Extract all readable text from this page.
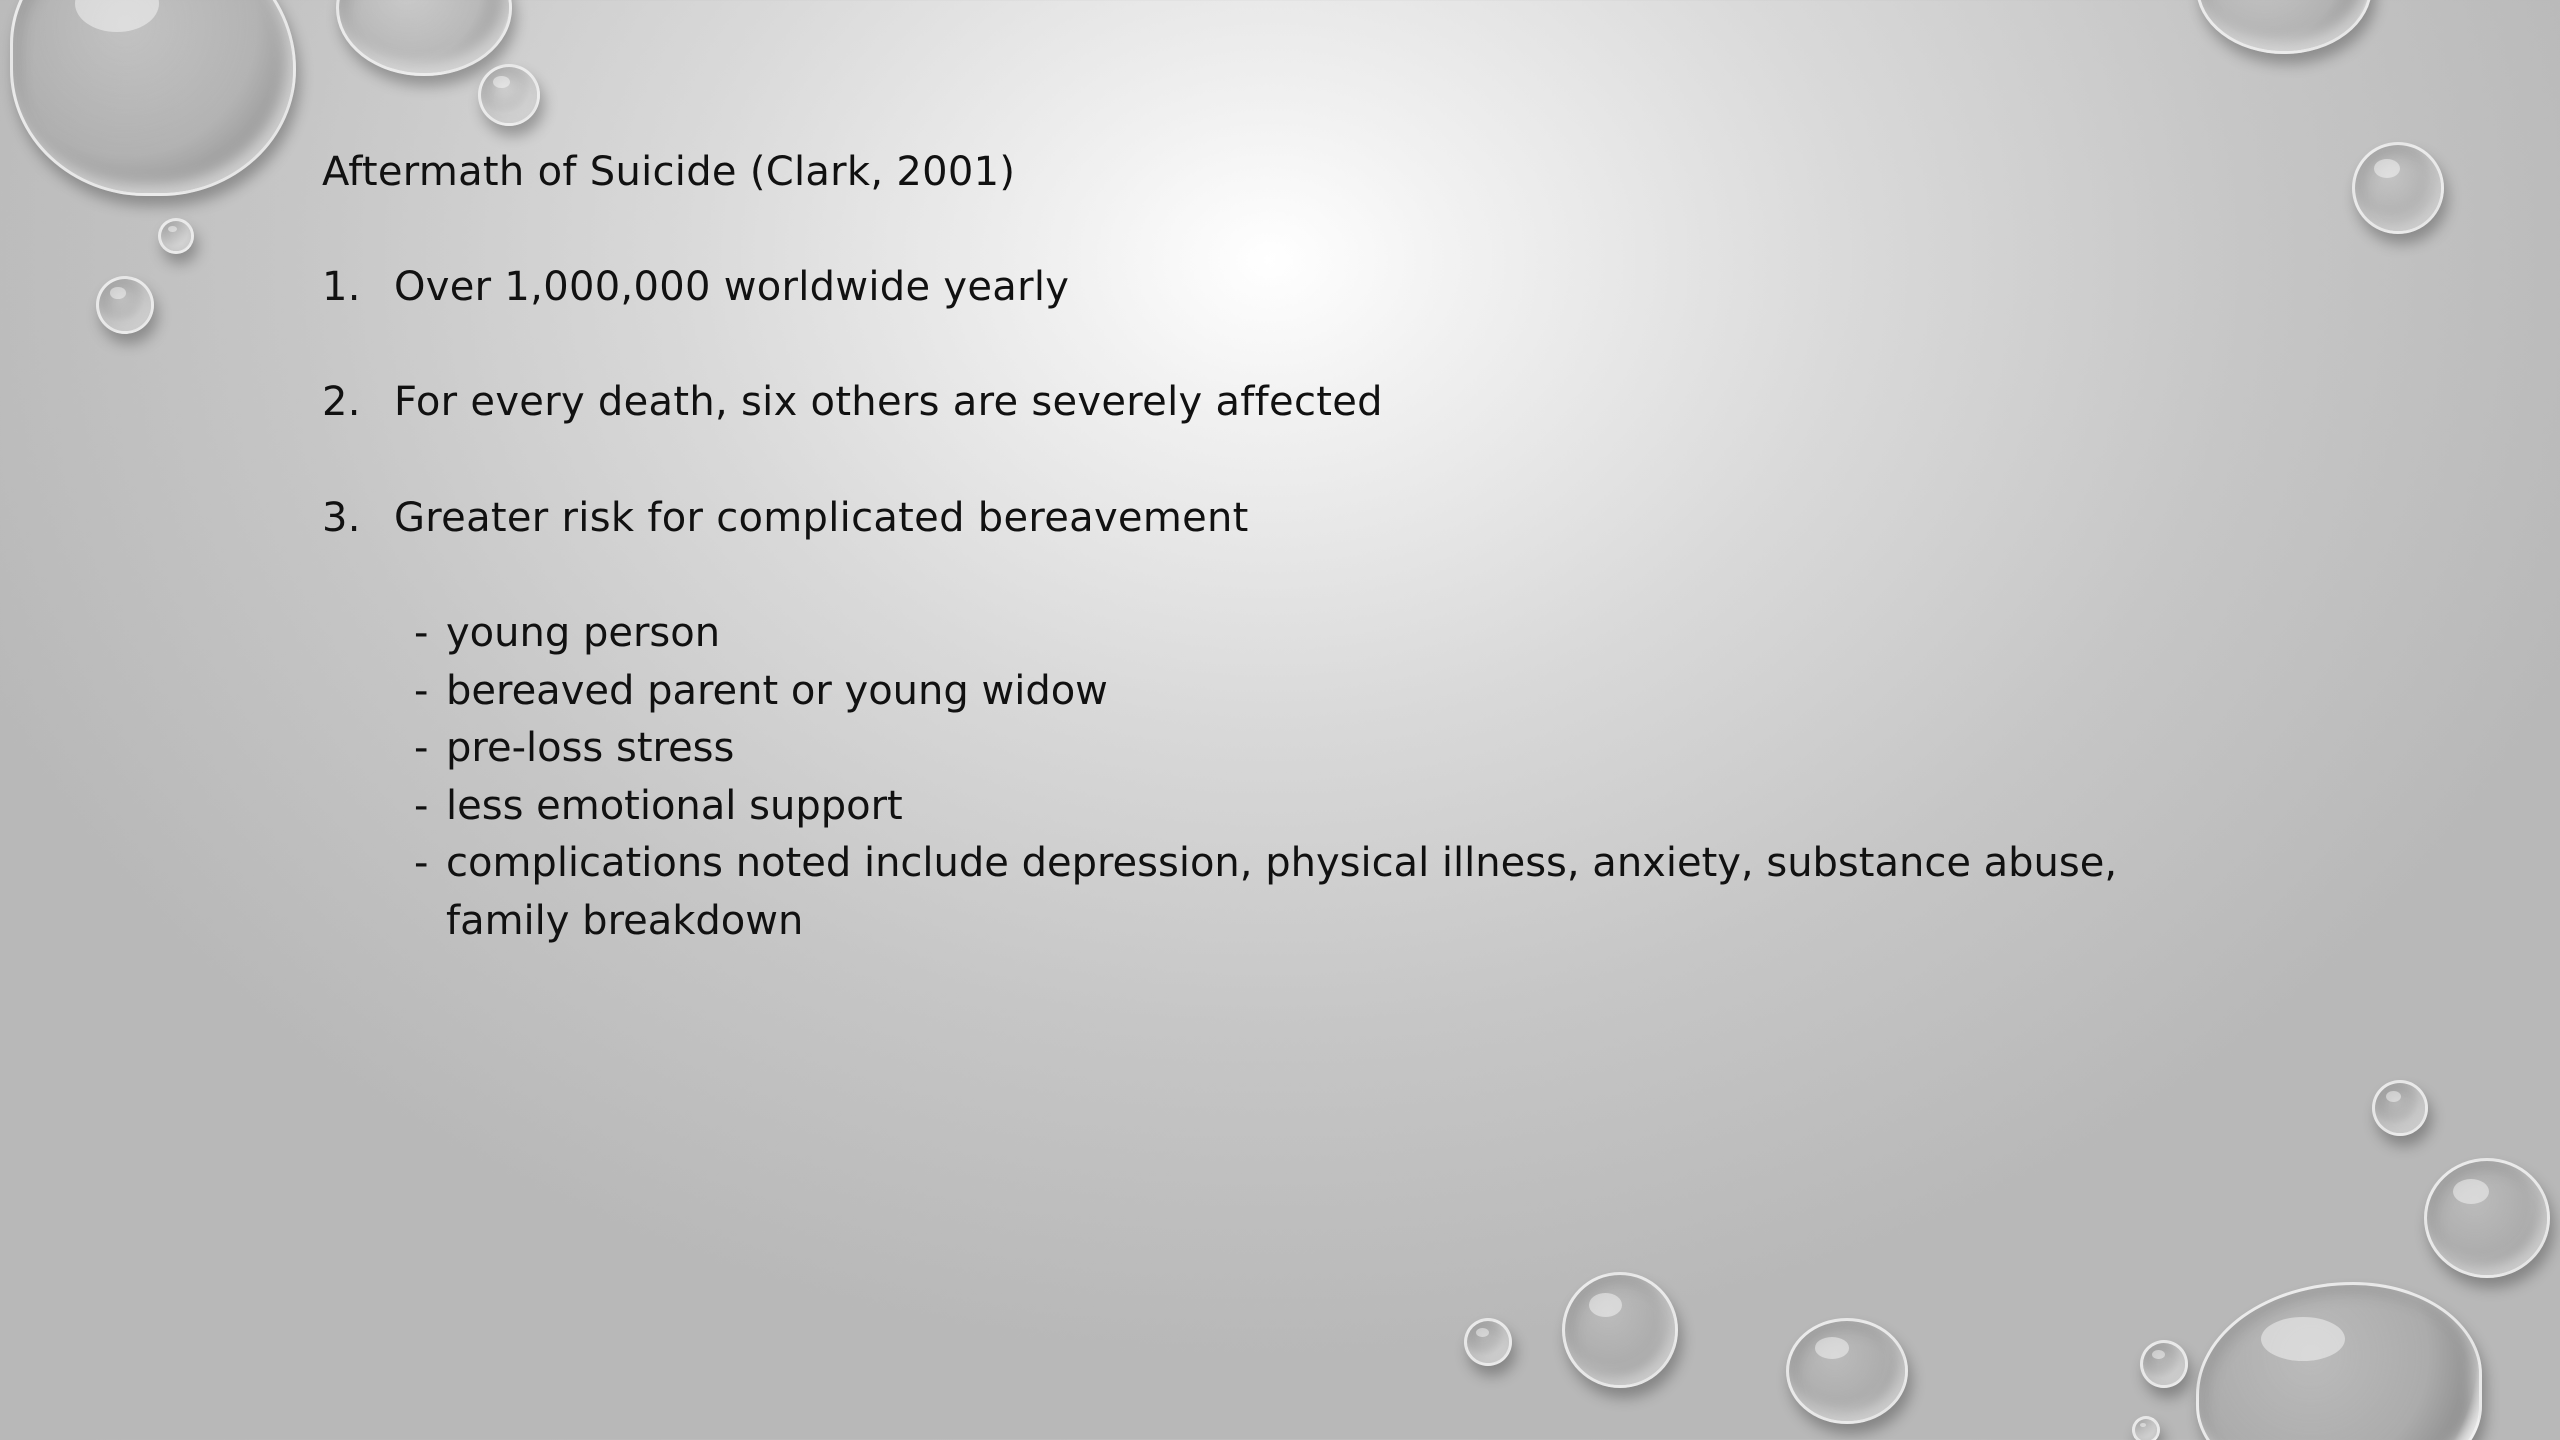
Aftermath of Suicide (Clark, 2001)
1. Over 1,000,000 worldwide yearly
2. For every death, six others are severely affected
3. Greater risk for complicated bereavement
- young person
- bereaved parent or young widow
- pre-loss stress
- less emotional support
- complications noted include depression, physical illness, anxiety, substance abuse, family breakdown
